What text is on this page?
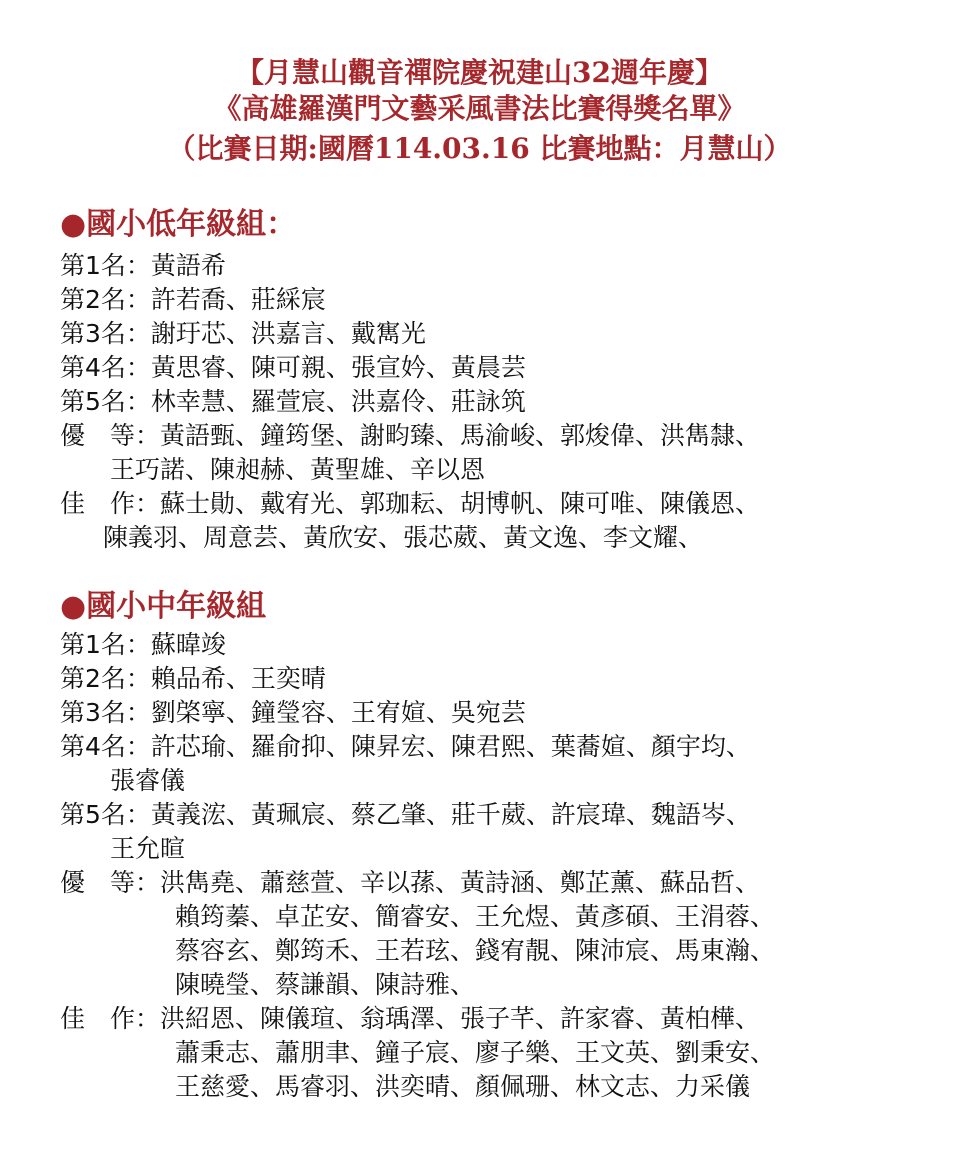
【月慧山觀音禪院慶祝建山32週年慶】
《高雄羅漢門文藝采風書法比賽得獎名單》
（比賽日期:國曆114.03.16 比賽地點：月慧山）
●國小低年級組：
第1名：黃語希
第2名：許若喬、莊綵宸
第3名：謝玗芯、洪嘉言、戴寯光
第4名：黃思睿、陳可親、張宣妗、黃晨芸
第5名：林幸慧、羅萱宸、洪嘉伶、莊詠筑
優　等：黃語甄、鐘筠堡、謝畇臻、馬渝峻、郭焌偉、洪雋隸、
王巧諾、陳昶赫、黃聖雄、辛以恩
佳　作：蘇士勛、戴宥光、郭珈耘、胡博帆、陳可唯、陳儀恩、
陳義羽、周意芸、黃欣安、張芯葳、黃文逸、李文耀、
●國小中年級組
第1名：蘇暐竣
第2名：賴品希、王奕晴
第3名：劉棨寧、鐘瑩容、王宥媗、吳宛芸
第4名：許芯瑜、羅俞抑、陳昇宏、陳君熙、葉蕎媗、顏宇均、
張睿儀
第5名：黃義浤、黃珮宸、蔡乙肇、莊千葳、許宸瑋、魏語岑、
王允暄
優　等：洪雋堯、蕭慈萱、辛以蓀、黃詩涵、鄭芷薰、蘇品哲、
賴筠蓁、卓芷安、簡睿安、王允煜、黃彥碩、王涓蓉、
蔡容玄、鄭筠禾、王若玹、錢宥靚、陳沛宸、馬東瀚、
陳曉瑩、蔡謙韻、陳詩雅、
佳　作：洪紹恩、陳儀瑄、翁瑀澤、張子芊、許家睿、黃柏樺、
蕭秉志、蕭朋聿、鐘子宸、廖子樂、王文英、劉秉安、
王慈愛、馬睿羽、洪奕晴、顏佩珊、林文志、力采儀
